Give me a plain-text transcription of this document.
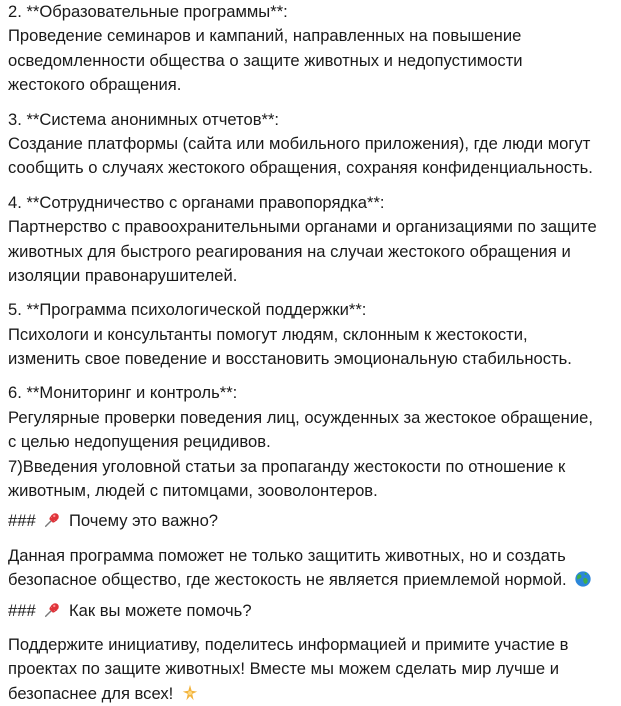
2. **Образовательные программы**:
Проведение семинаров и кампаний, направленных на повышение
осведомленности общества о защите животных и недопустимости
жестокого обращения.
3. **Система анонимных отчетов**:
Создание платформы (сайта или мобильного приложения), где люди могут
сообщить о случаях жестокого обращения, сохраняя конфиденциальность.
4. **Сотрудничество с органами правопорядка**:
Партнерство с правоохранительными органами и организациями по защите
животных для быстрого реагирования на случаи жестокого обращения и
изоляции правонарушителей.
5. **Программа психологической поддержки**:
Психологи и консультанты помогут людям, склонным к жестокости,
изменить свое поведение и восстановить эмоциональную стабильность.
6. **Мониторинг и контроль**:
Регулярные проверки поведения лиц, осужденных за жестокое обращение,
с целью недопущения рецидивов.
7)Введения уголовной статьи за пропаганду жестокости по отношение к
животным, людей с питомцами, зооволонтеров.
### Почему это важно?
Данная программа поможет не только защитить животных, но и создать
безопасное общество, где жестокость не является приемлемой нормой.
### Как вы можете помочь?
Поддержите инициативу, поделитесь информацией и примите участие в
проектах по защите животных! Вместе мы можем сделать мир лучше и
безопаснее для всех!
